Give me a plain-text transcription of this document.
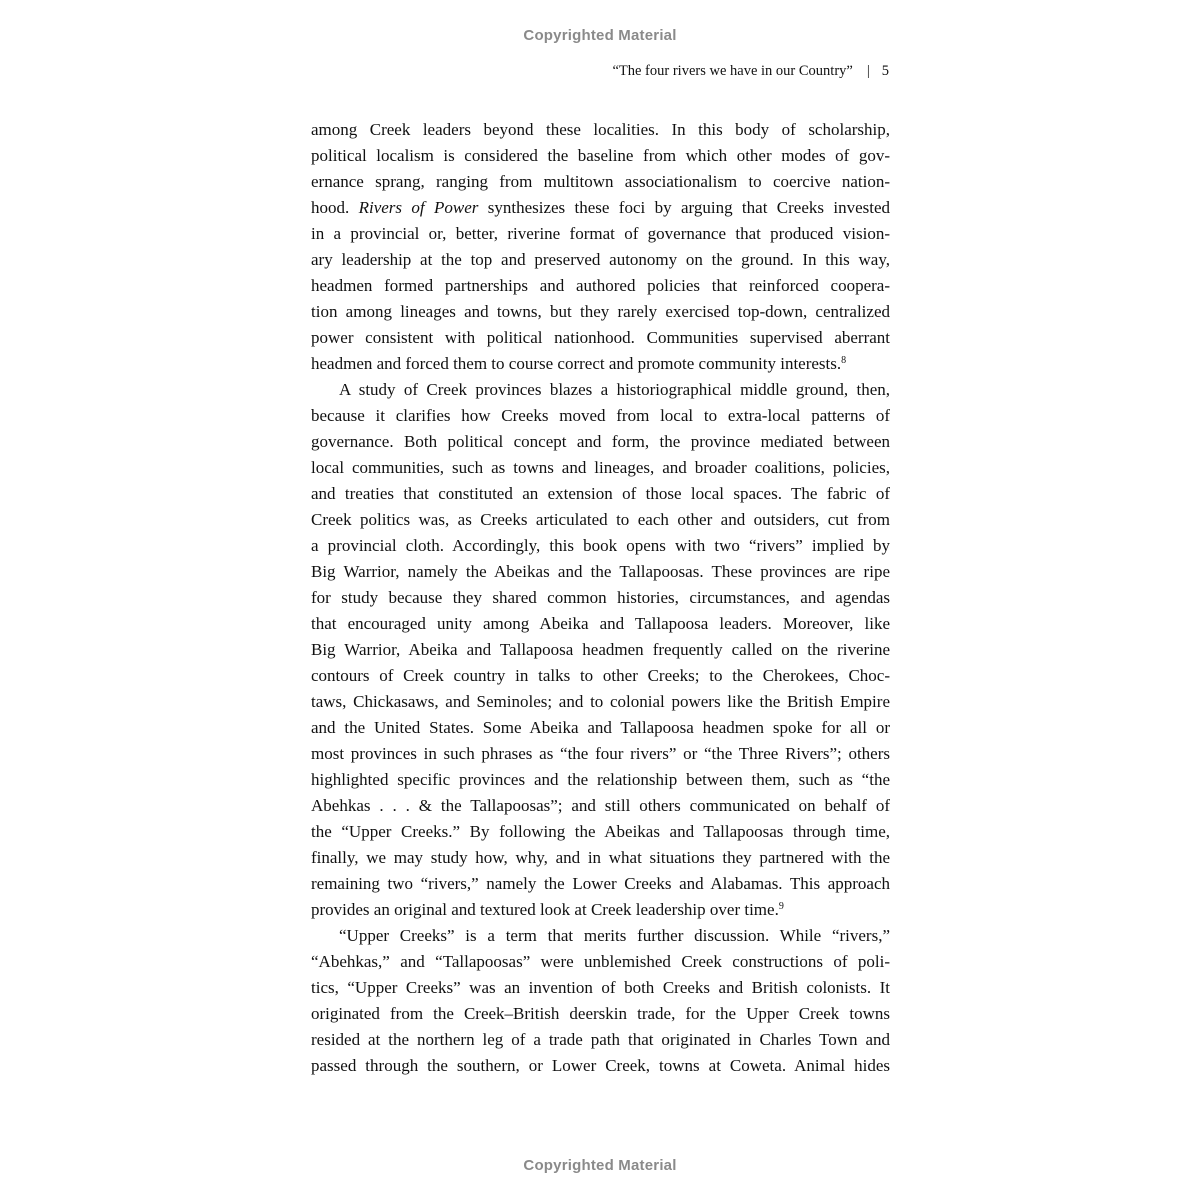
Copyrighted Material
“The four rivers we have in our Country” | 5
among Creek leaders beyond these localities. In this body of scholarship,
political localism is considered the baseline from which other modes of gov-
ernance sprang, ranging from multitown associationalism to coercive nation-
hood. Rivers of Power synthesizes these foci by arguing that Creeks invested
in a provincial or, better, riverine format of governance that produced vision-
ary leadership at the top and preserved autonomy on the ground. In this way,
headmen formed partnerships and authored policies that reinforced coopera-
tion among lineages and towns, but they rarely exercised top-down, centralized
power consistent with political nationhood. Communities supervised aberrant
headmen and forced them to course correct and promote community interests.$^8$
A study of Creek provinces blazes a historiographical middle ground, then,
because it clarifies how Creeks moved from local to extra-local patterns of
governance. Both political concept and form, the province mediated between
local communities, such as towns and lineages, and broader coalitions, policies,
and treaties that constituted an extension of those local spaces. The fabric of
Creek politics was, as Creeks articulated to each other and outsiders, cut from
a provincial cloth. Accordingly, this book opens with two “rivers” implied by
Big Warrior, namely the Abeikas and the Tallapoosas. These provinces are ripe
for study because they shared common histories, circumstances, and agendas
that encouraged unity among Abeika and Tallapoosa leaders. Moreover, like
Big Warrior, Abeika and Tallapoosa headmen frequently called on the riverine
contours of Creek country in talks to other Creeks; to the Cherokees, Choc-
taws, Chickasaws, and Seminoles; and to colonial powers like the British Empire
and the United States. Some Abeika and Tallapoosa headmen spoke for all or
most provinces in such phrases as “the four rivers” or “the Three Rivers”; others
highlighted specific provinces and the relationship between them, such as “the
Abehkas . . . & the Tallapoosas”; and still others communicated on behalf of
the “Upper Creeks.” By following the Abeikas and Tallapoosas through time,
finally, we may study how, why, and in what situations they partnered with the
remaining two “rivers,” namely the Lower Creeks and Alabamas. This approach
provides an original and textured look at Creek leadership over time.$^9$
“Upper Creeks” is a term that merits further discussion. While “rivers,”
“Abehkas,” and “Tallapoosas” were unblemished Creek constructions of poli-
tics, “Upper Creeks” was an invention of both Creeks and British colonists. It
originated from the Creek–British deerskin trade, for the Upper Creek towns
resided at the northern leg of a trade path that originated in Charles Town and
passed through the southern, or Lower Creek, towns at Coweta. Animal hides
Copyrighted Material
